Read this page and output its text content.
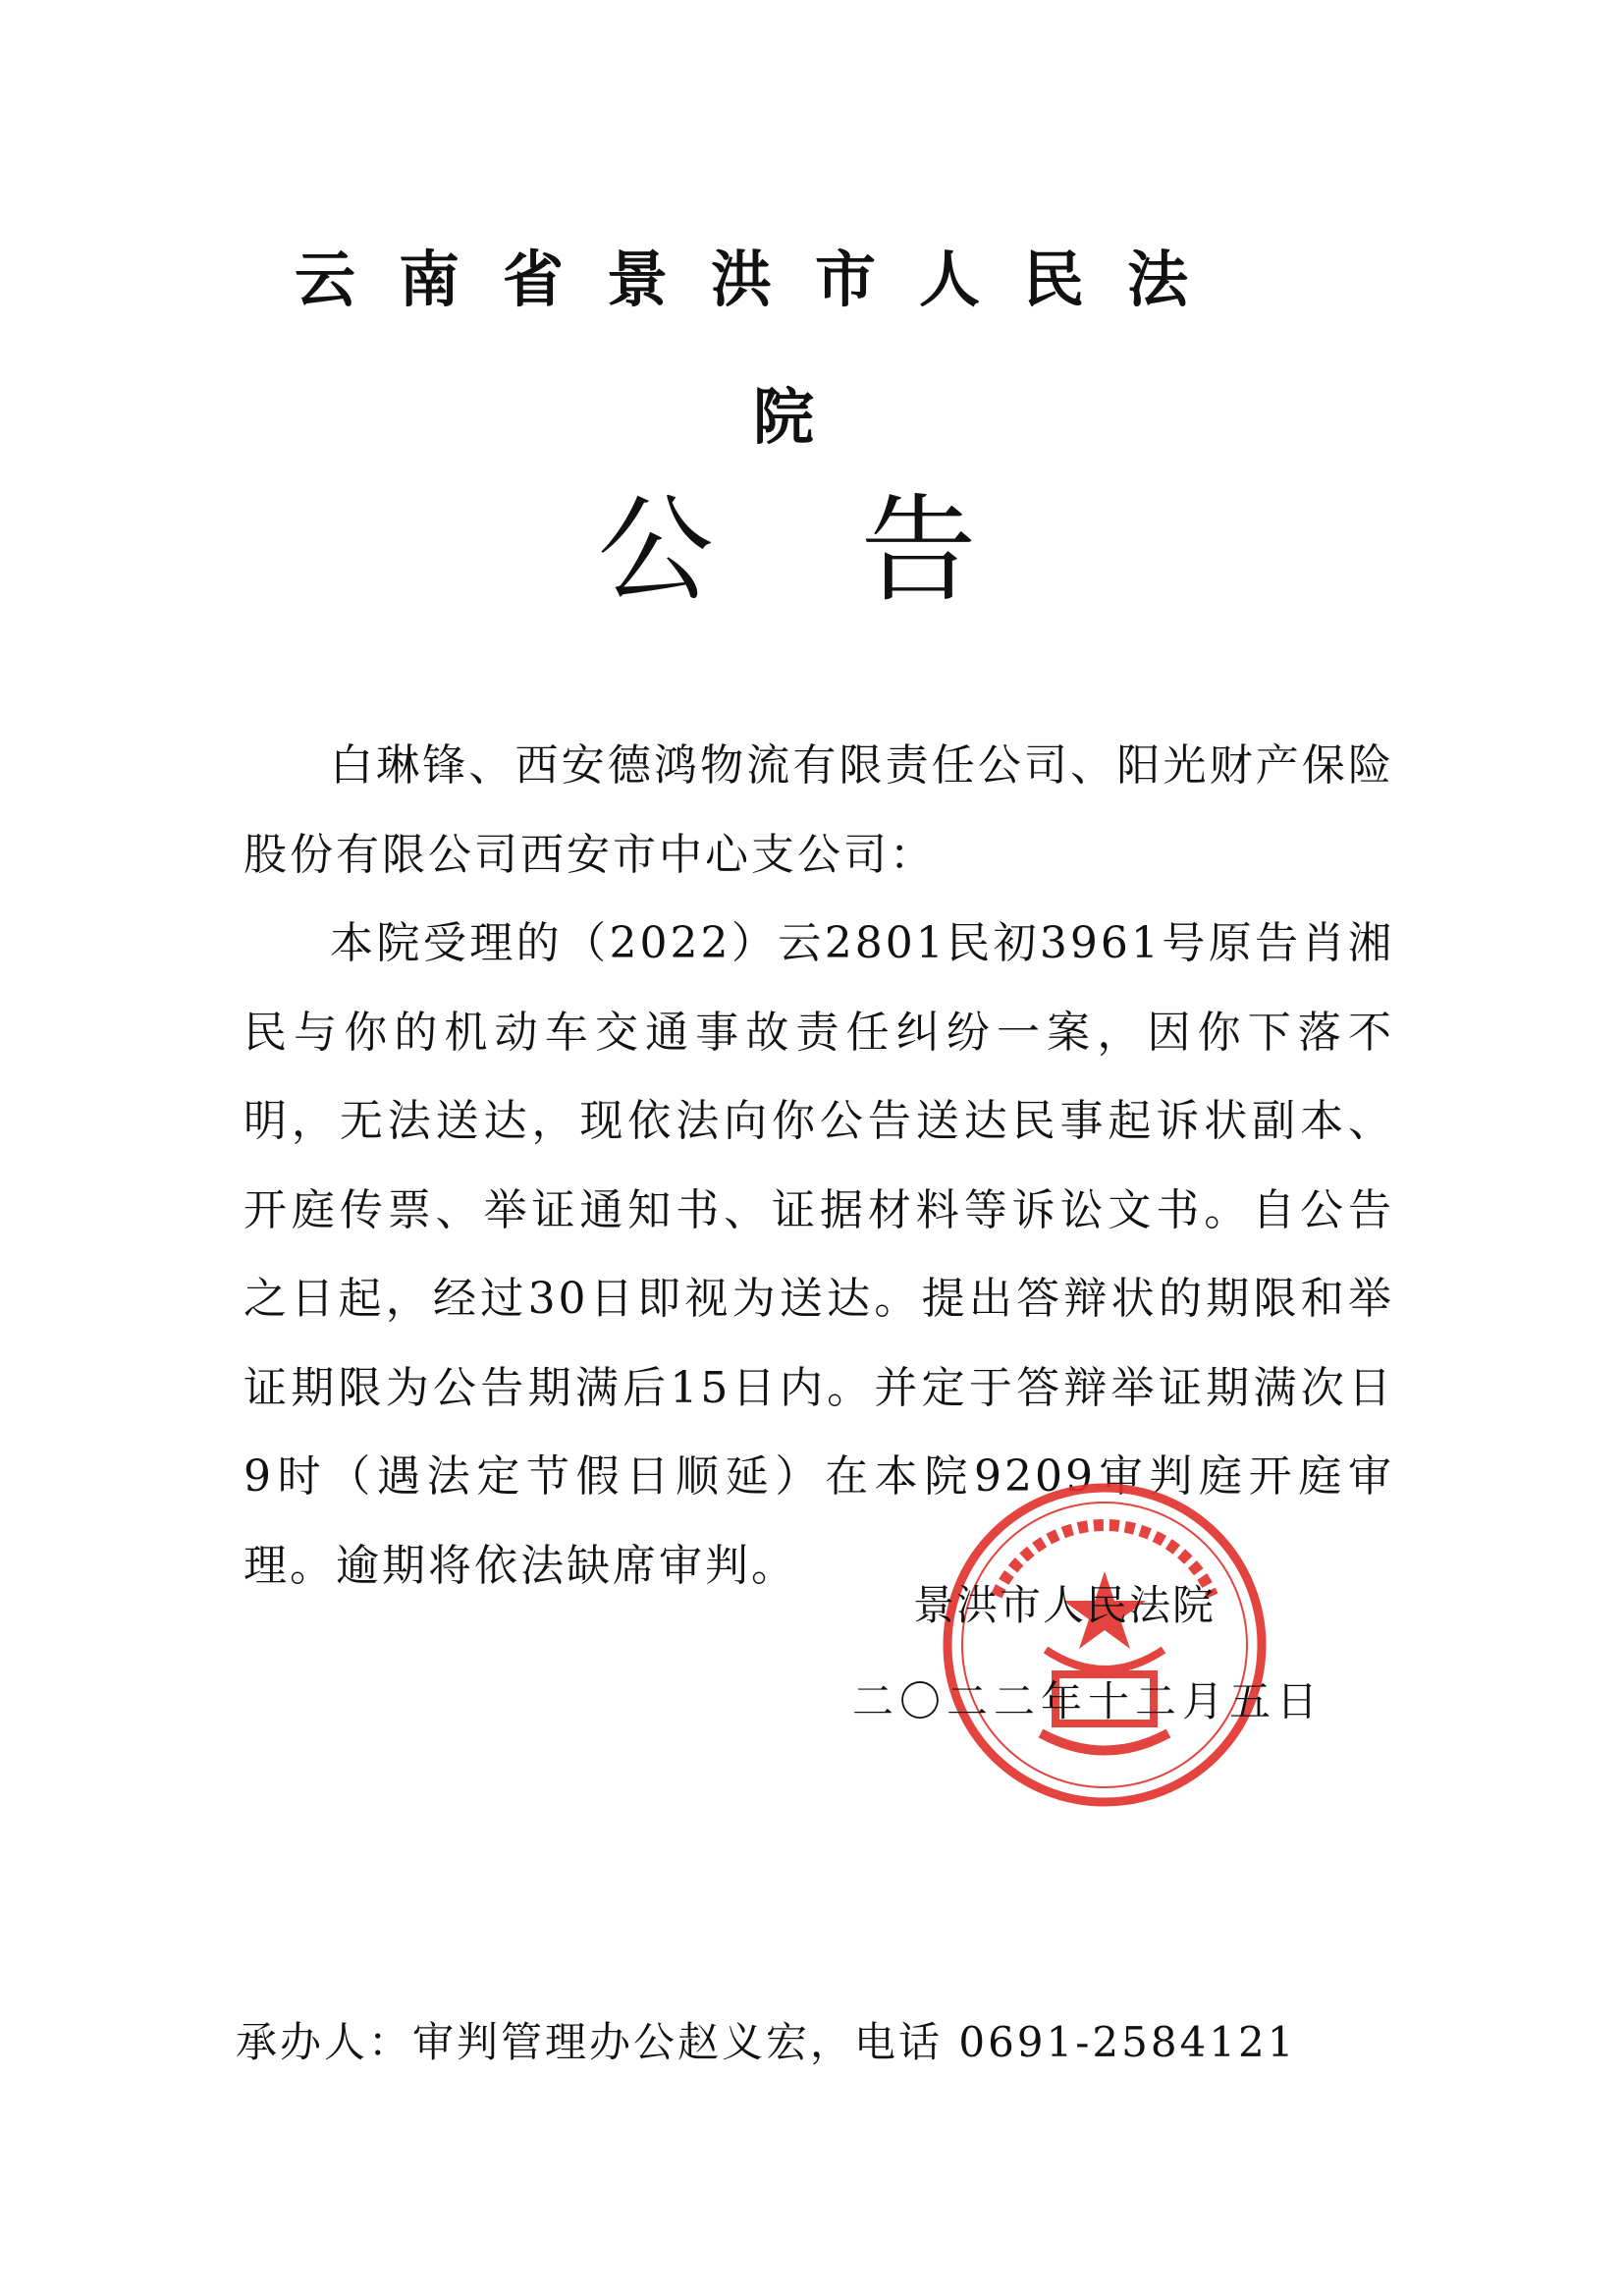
云南省景洪市人民法
院
公告

白琳锋、西安德鸿物流有限责任公司、阳光财产保险股份有限公司西安市中心支公司：

本院受理的（2022）云2801民初3961号原告肖湘民与你的机动车交通事故责任纠纷一案，因你下落不明，无法送达，现依法向你公告送达民事起诉状副本、开庭传票、举证通知书、证据材料等诉讼文书。自公告之日起，经过30日即视为送达。提出答辩状的期限和举证期限为公告期满后15日内。并定于答辩举证期满次日9时（遇法定节假日顺延）在本院9209审判庭开庭审理。逾期将依法缺席审判。

景洪市人民法院
二〇二二年十二月五日
承办人：审判管理办公赵义宏，电话 0691-2584121
